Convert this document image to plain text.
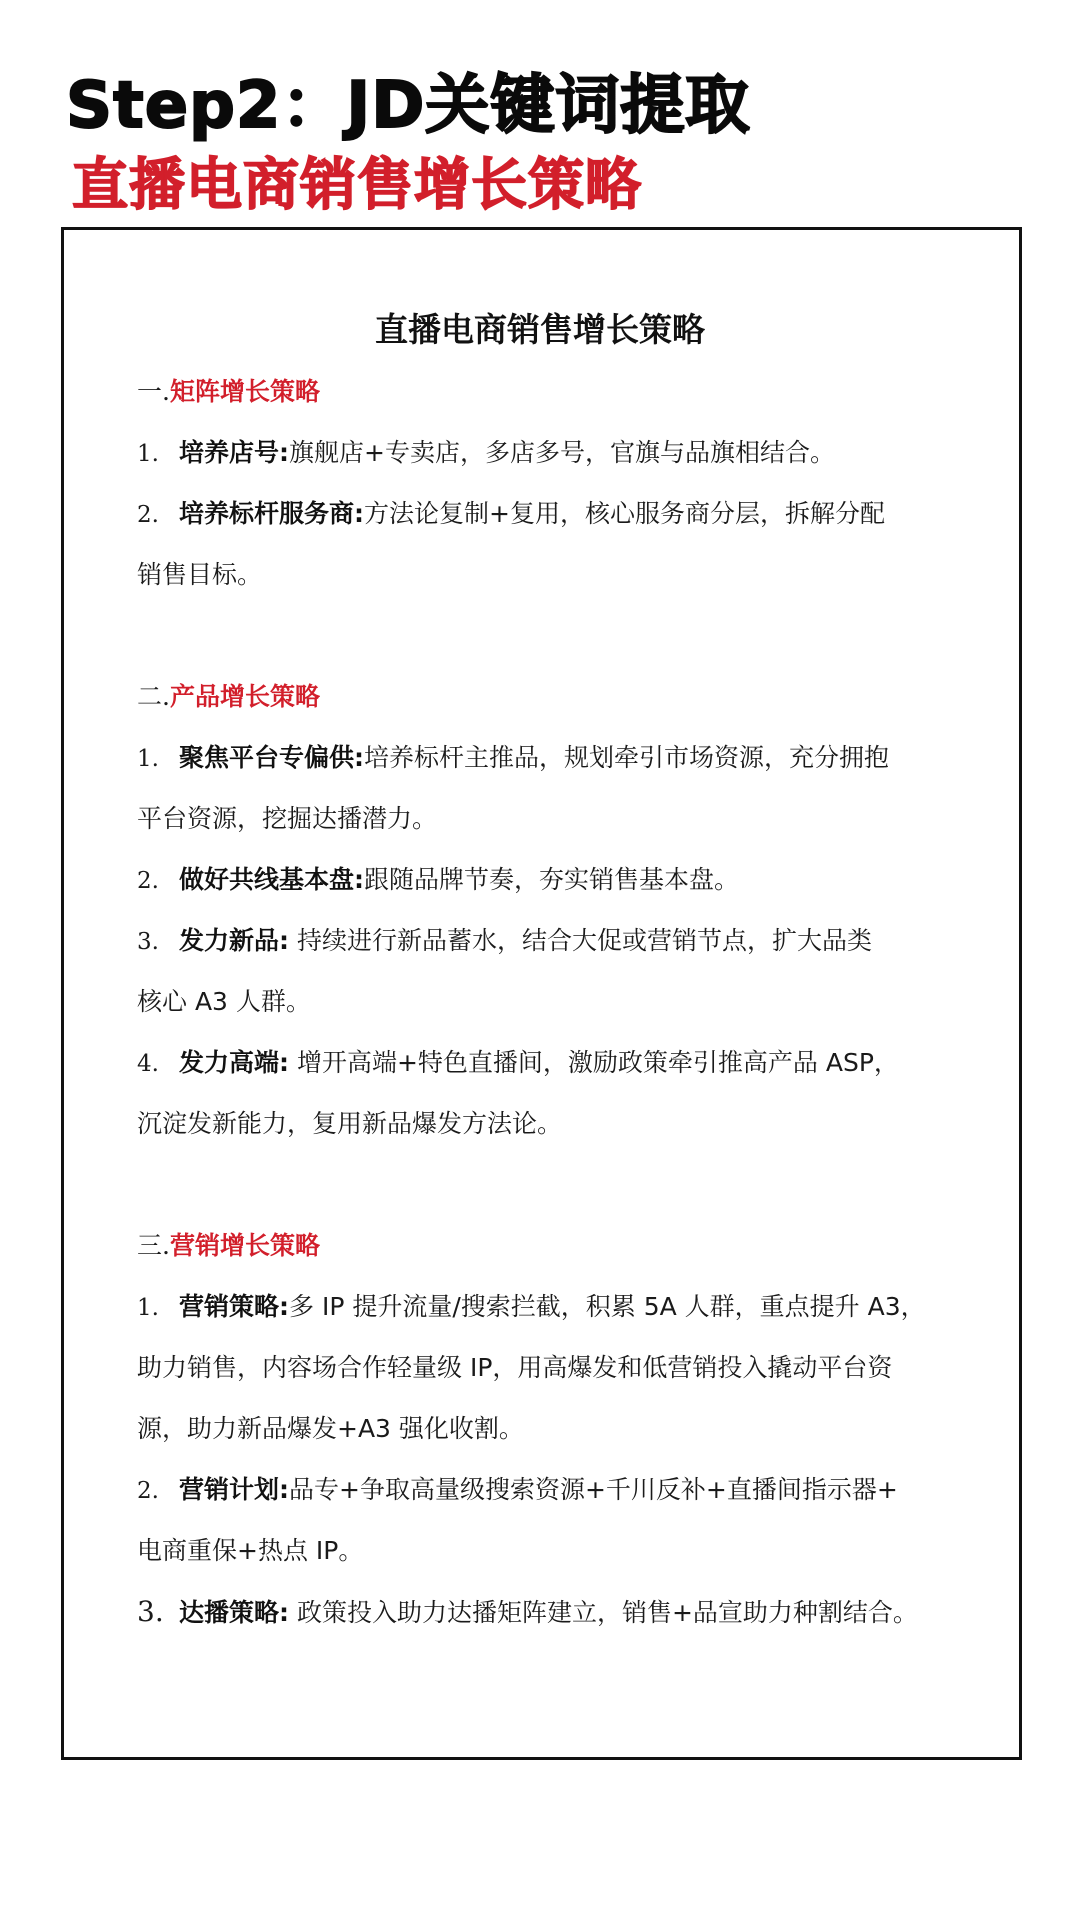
Step2：JD关键词提取
直播电商销售增长策略
直播电商销售增长策略
一.矩阵增长策略
1. 培养店号:旗舰店+专卖店，多店多号，官旗与品旗相结合。
2. 培养标杆服务商:方法论复制+复用，核心服务商分层，拆解分配
销售目标。
二.产品增长策略
1. 聚焦平台专偏供:培养标杆主推品，规划牵引市场资源，充分拥抱
平台资源，挖掘达播潜力。
2. 做好共线基本盘:跟随品牌节奏，夯实销售基本盘。
3. 发力新品: 持续进行新品蓄水，结合大促或营销节点，扩大品类
核心 A3 人群。
4. 发力高端: 增开高端+特色直播间，激励政策牵引推高产品 ASP，
沉淀发新能力，复用新品爆发方法论。
三.营销增长策略
1. 营销策略:多 IP 提升流量/搜索拦截，积累 5A 人群，重点提升 A3，
助力销售，内容场合作轻量级 IP，用高爆发和低营销投入撬动平台资
源，助力新品爆发+A3 强化收割。
2. 营销计划:品专+争取高量级搜索资源+千川反补+直播间指示器+
电商重保+热点 IP。
3. 达播策略: 政策投入助力达播矩阵建立，销售+品宣助力种割结合。
